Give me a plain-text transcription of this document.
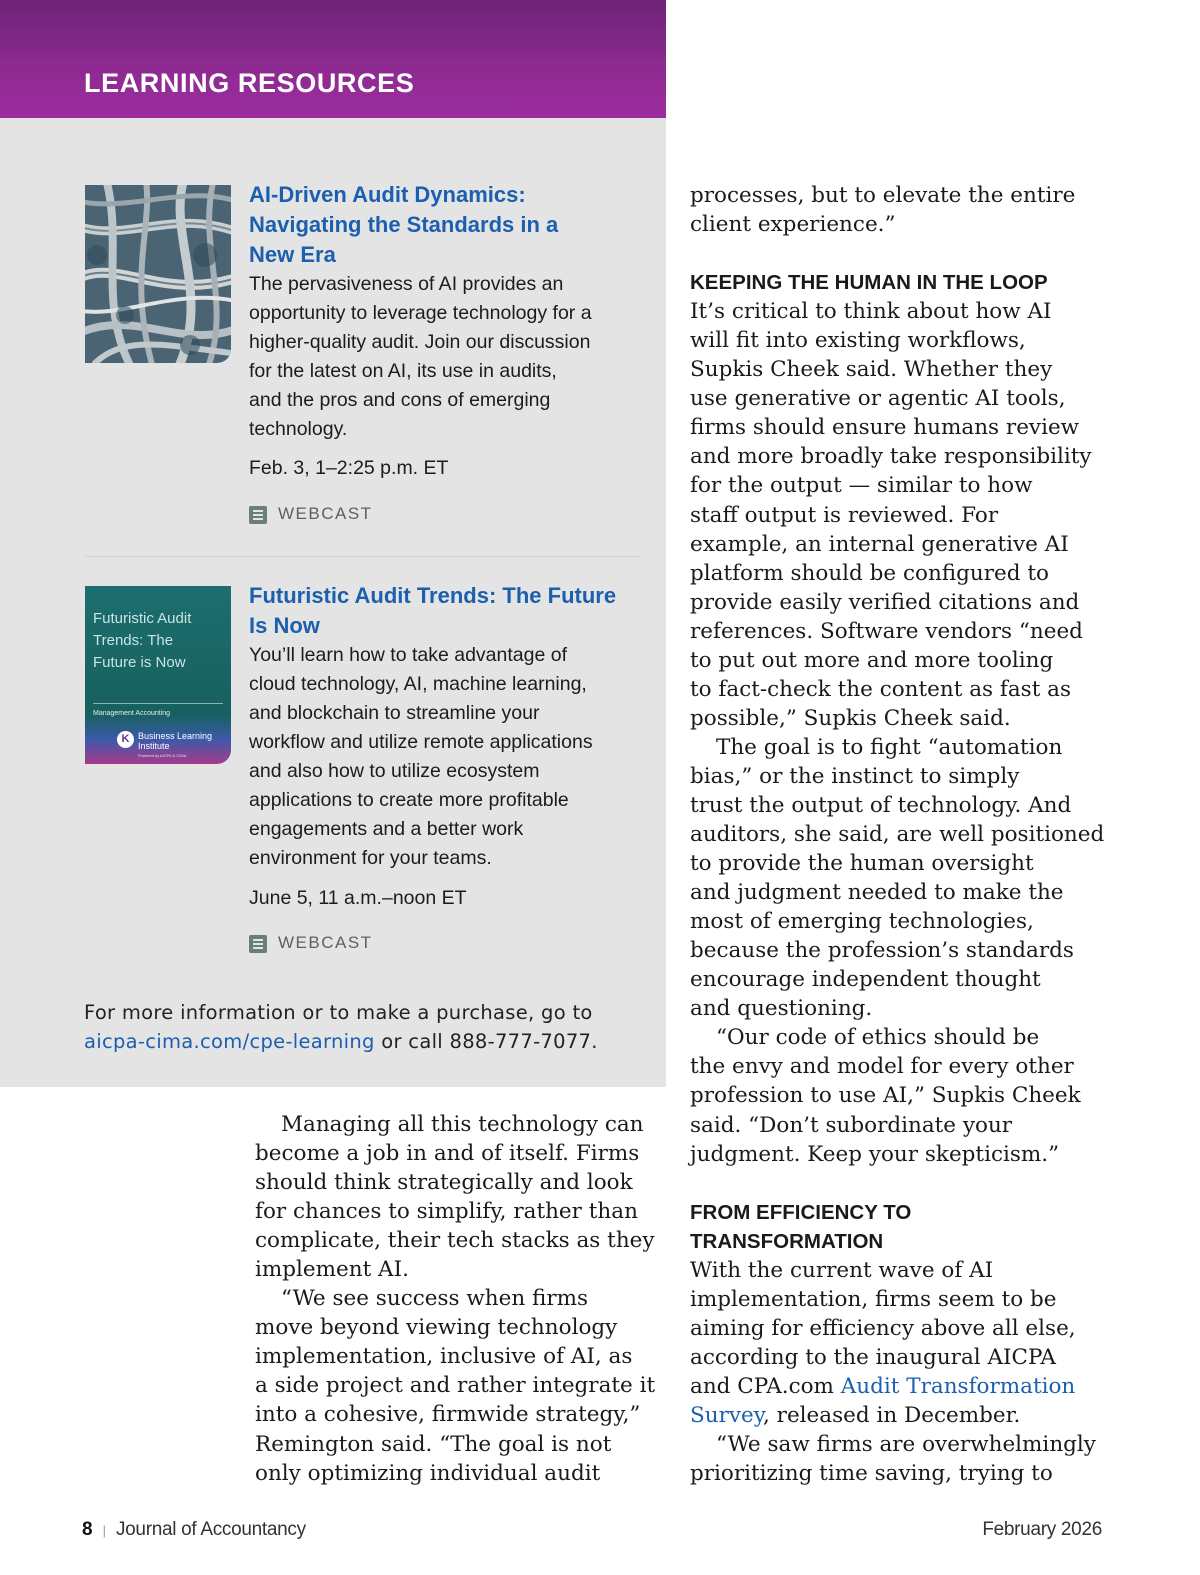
LEARNING RESOURCES
AI-Driven Audit Dynamics:
Navigating the Standards in a
New Era

The pervasiveness of AI provides an
opportunity to leverage technology for a
higher-quality audit. Join our discussion
for the latest on AI, its use in audits,
and the pros and cons of emerging
technology.

Feb. 3, 1–2:25 p.m. ET

WEBCAST
Futuristic Audit
Trends: The
Future is Now
Management Accounting
K Business Learning
Institute
Powered by AICPA & CIMA
Futuristic Audit Trends: The Future
Is Now

You’ll learn how to take advantage of
cloud technology, AI, machine learning,
and blockchain to streamline your
workflow and utilize remote applications
and also how to utilize ecosystem
applications to create more profitable
engagements and a better work
environment for your teams.

June 5, 11 a.m.–noon ET

WEBCAST

For more information or to make a purchase, go to
aicpa-cima.com/cpe-learning or call 888-777-7077.

Managing all this technology can
become a job in and of itself. Firms
should think strategically and look
for chances to simplify, rather than
complicate, their tech stacks as they
implement AI.

“We see success when firms
move beyond viewing technology
implementation, inclusive of AI, as
a side project and rather integrate it
into a cohesive, firmwide strategy,”
Remington said. “The goal is not
only optimizing individual audit

processes, but to elevate the entire
client experience.”

KEEPING THE HUMAN IN THE LOOP

It’s critical to think about how AI
will fit into existing workflows,
Supkis Cheek said. Whether they
use generative or agentic AI tools,
firms should ensure humans review
and more broadly take responsibility
for the output — similar to how
staff output is reviewed. For
example, an internal generative AI
platform should be configured to
provide easily verified citations and
references. Software vendors “need
to put out more and more tooling
to fact-check the content as fast as
possible,” Supkis Cheek said.

The goal is to fight “automation
bias,” or the instinct to simply
trust the output of technology. And
auditors, she said, are well positioned
to provide the human oversight
and judgment needed to make the
most of emerging technologies,
because the profession’s standards
encourage independent thought
and questioning.

“Our code of ethics should be
the envy and model for every other
profession to use AI,” Supkis Cheek
said. “Don’t subordinate your
judgment. Keep your skepticism.”

FROM EFFICIENCY TO
TRANSFORMATION

With the current wave of AI
implementation, firms seem to be
aiming for efficiency above all else,
according to the inaugural AICPA
and CPA.com Audit Transformation
Survey, released in December.

“We saw firms are overwhelmingly
prioritizing time saving, trying to

8 | Journal of Accountancy	February 2026
